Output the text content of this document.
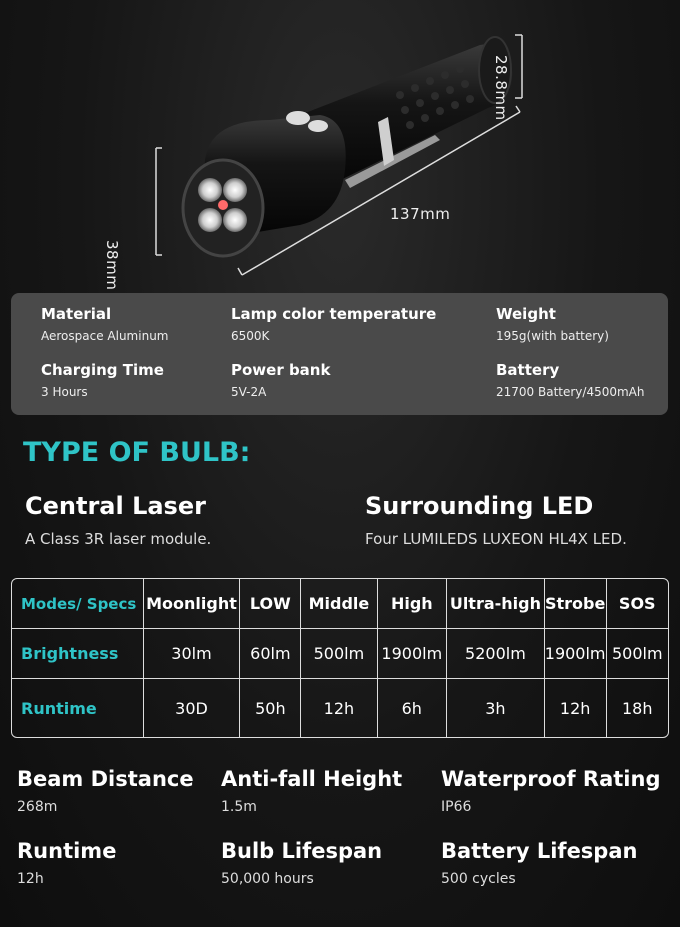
28.8mm
38mm
137mm
Material
Aerospace Aluminum
Lamp color temperature
6500K
Weight
195g(with battery)
Charging Time
3 Hours
Power bank
5V-2A
Battery
21700 Battery/4500mAh
TYPE OF BULB:
Central Laser
A Class 3R laser module.
Surrounding LED
Four LUMILEDS LUXEON HL4X LED.
Modes/ Specs	Moonlight	LOW	Middle	High	Ultra-high	Strobe	SOS
Brightness	30lm	60lm	500lm	1900lm	5200lm	1900lm	500lm
Runtime	30D	50h	12h	6h	3h	12h	18h
Beam Distance
268m
Anti-fall Height
1.5m
Waterproof Rating
IP66
Runtime
12h
Bulb Lifespan
50,000 hours
Battery Lifespan
500 cycles
